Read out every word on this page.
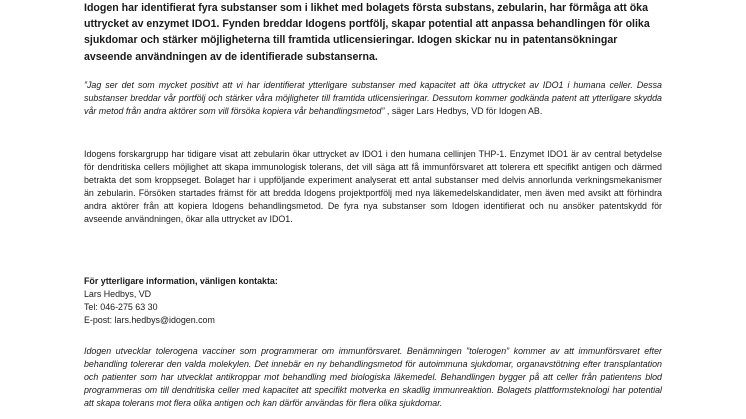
Idogen har identifierat fyra substanser som i likhet med bolagets första substans, zebularin, har förmåga att öka uttrycket av enzymet IDO1. Fynden breddar Idogens portfölj, skapar potential att anpassa behandlingen för olika sjukdomar och stärker möjligheterna till framtida utlicensieringar. Idogen skickar nu in patentansökningar avseende användningen av de identifierade substanserna.

”Jag ser det som mycket positivt att vi har identifierat ytterligare substanser med kapacitet att öka uttrycket av IDO1 i humana celler. Dessa substanser breddar vår portfölj och stärker våra möjligheter till framtida utlicensieringar. Dessutom kommer godkända patent att ytterligare skydda vår metod från andra aktörer som vill försöka kopiera vår behandlingsmetod” , säger Lars Hedbys, VD för Idogen AB.

Idogens forskargrupp har tidigare visat att zebularin ökar uttrycket av IDO1 i den humana cellinjen THP-1. Enzymet IDO1 är av central betydelse för dendritiska cellers möjlighet att skapa immunologisk tolerans, det vill säga att få immunförsvaret att tolerera ett specifikt antigen och därmed betrakta det som kroppseget. Bolaget har i uppföljande experiment analyserat ett antal substanser med delvis annorlunda verkningsmekanismer än zebularin. Försöken startades främst för att bredda Idogens projektportfölj med nya läkemedelskandidater, men även med avsikt att förhindra andra aktörer från att kopiera Idogens behandlingsmetod. De fyra nya substanser som Idogen identifierat och nu ansöker patentskydd för avseende användningen, ökar alla uttrycket av IDO1.

För ytterligare information, vänligen kontakta:

Lars Hedbys, VD

Tel: 046-275 63 30

E-post: lars.hedbys@idogen.com

Idogen utvecklar tolerogena vacciner som programmerar om immunförsvaret. Benämningen ”tolerogen” kommer av att immunförsvaret efter behandling tolererar den valda molekylen. Det innebär en ny behandlingsmetod för autoimmuna sjukdomar, organavstötning efter transplantation och patienter som har utvecklat antikroppar mot behandling med biologiska läkemedel. Behandlingen bygger på att celler från patientens blod programmeras om till dendritiska celler med kapacitet att specifikt motverka en skadlig immunreaktion. Bolagets plattformsteknologi har potential att skapa tolerans mot flera olika antigen och kan därför användas för flera olika sjukdomar.
